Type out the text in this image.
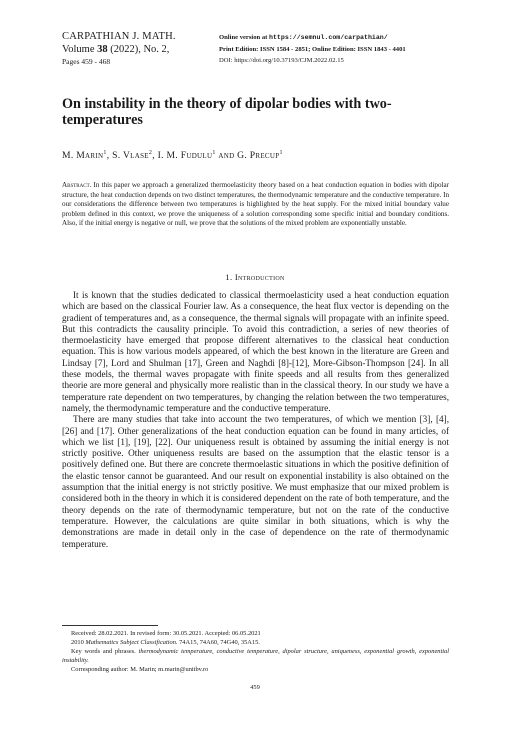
CARPATHIAN J. MATH.
Volume 38 (2022), No. 2,
Pages 459 - 468
Online version at https://semnul.com/carpathian/
Print Edition: ISSN 1584 - 2851; Online Edition: ISSN 1843 - 4401
DOI: https://doi.org/10.37193/CJM.2022.02.15
On instability in the theory of dipolar bodies with two-temperatures
M. Marin$^1$, S. Vlase$^2$, I. M. Fudulu$^1$ and G. Precup$^1$
Abstract. In this paper we approach a generalized thermoelasticity theory based on a heat conduction equation in bodies with dipolar structure, the heat conduction depends on two distinct temperatures, the thermodynamic temperature and the conductive temperature. In our considerations the difference between two temperatures is highlighted by the heat supply. For the mixed initial boundary value problem defined in this context, we prove the uniqueness of a solution corresponding some specific initial and boundary conditions. Also, if the initial energy is negative or null, we prove that the solutions of the mixed problem are exponentially unstable.
1. Introduction

It is known that the studies dedicated to classical thermoelasticity used a heat conduction equation which are based on the classical Fourier law. As a consequence, the heat flux vector is depending on the gradient of temperatures and, as a consequence, the thermal signals will propagate with an infinite speed. But this contradicts the causality principle. To avoid this contradiction, a series of new theories of thermoelasticity have emerged that propose different alternatives to the classical heat conduction equation. This is how various models appeared, of which the best known in the literature are Green and Lindsay [7], Lord and Shulman [17], Green and Naghdi [8]-[12], More-Gibson-Thompson [24]. In all these models, the thermal waves propagate with finite speeds and all results from thes generalized theorie are more general and physically more realistic than in the classical theory. In our study we have a temperature rate dependent on two temperatures, by changing the relation between the two temperatures, namely, the thermodynamic temperature and the conductive temperature.

There are many studies that take into account the two temperatures, of which we mention [3], [4], [26] and [17]. Other generalizations of the heat conduction equation can be found in many articles, of which we list [1], [19], [22]. Our uniqueness result is obtained by assuming the initial energy is not strictly positive. Other uniqueness results are based on the assumption that the elastic tensor is a positively defined one. But there are concrete thermoelastic situations in which the positive definition of the elastic tensor cannot be guaranteed. And our result on exponential instability is also obtained on the assumption that the initial energy is not strictly positive. We must emphasize that our mixed problem is considered both in the theory in which it is considered dependent on the rate of both temperature, and the theory depends on the rate of thermodynamic temperature, but not on the rate of the conductive temperature. However, the calculations are quite similar in both situations, which is why the demonstrations are made in detail only in the case of dependence on the rate of thermodynamic temperature.

Received: 28.02.2021. In revised form: 30.05.2021. Accepted: 06.05.2021
2010 Mathematics Subject Classification. 74A15, 74A60, 74G40, 35A15.
Key words and phrases. thermodynamic temperature, conductive temperature, dipolar structure, uniqueness, exponential growth, exponential instability.
Corresponding author: M. Marin; m.marin@unitbv.ro
459
